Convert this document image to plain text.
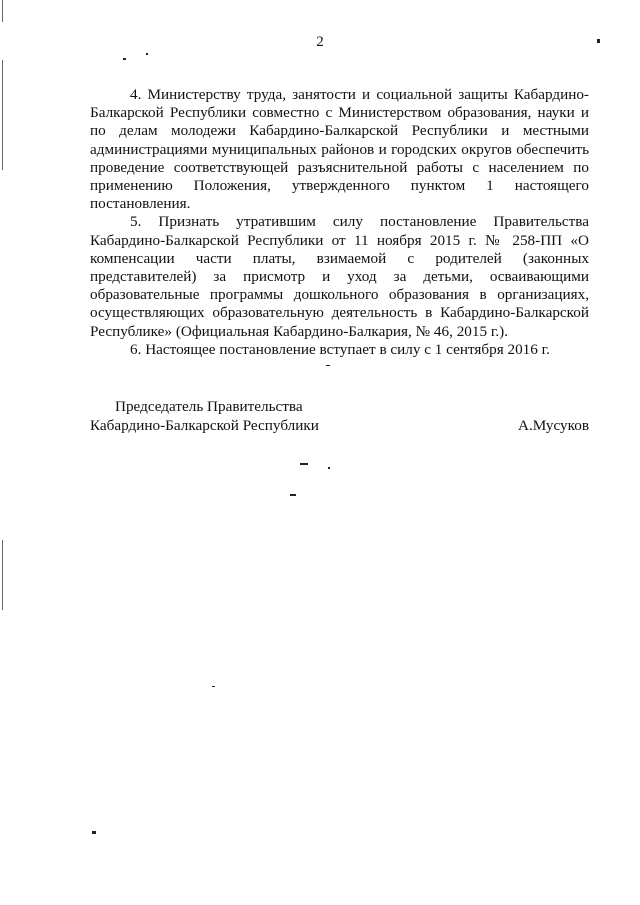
2

4. Министерству труда, занятости и социальной защиты Кабардино-Балкарской Республики совместно с Министерством образования, науки и по делам молодежи Кабардино-Балкарской Республики и местными администрациями муниципальных районов и городских округов обеспечить проведение соответствующей разъяснительной работы с населением по применению Положения, утвержденного пунктом 1 настоящего постановления.

5. Признать утратившим силу постановление Правительства Кабардино-Балкарской Республики от 11 ноября 2015 г. № 258-ПП «О компенсации части платы, взимаемой с родителей (законных представителей) за присмотр и уход за детьми, осваивающими образовательные программы дошкольного образования в организациях, осуществляющих образовательную деятельность в Кабардино-Балкарской Республике» (Официальная Кабардино-Балкария, № 46, 2015 г.).

6. Настоящее постановление вступает в силу с 1 сентября 2016 г.

Председатель Правительства
Кабардино-Балкарской Республики	А.Мусуков
